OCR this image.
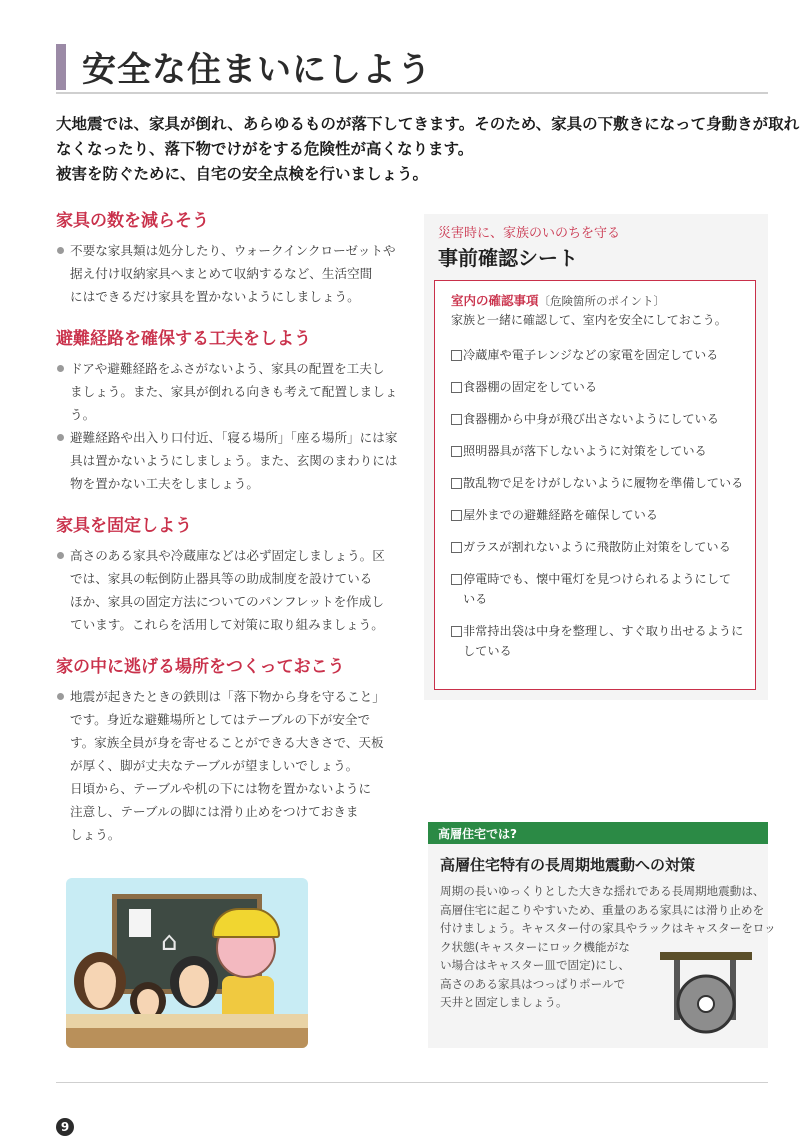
安全な住まいにしよう

大地震では、家具が倒れ、あらゆるものが落下してきます。そのため、家具の下敷きになって身動きが取れ

なくなったり、落下物でけがをする危険性が高くなります。

被害を防ぐために、自宅の安全点検を行いましょう。

家具の数を減らそう
不要な家具類は処分したり、ウォークインクローゼットや
据え付け収納家具へまとめて収納するなど、生活空間
にはできるだけ家具を置かないようにしましょう。
避難経路を確保する工夫をしよう
ドアや避難経路をふさがないよう、家具の配置を工夫し
ましょう。また、家具が倒れる向きも考えて配置しましょ
う。
避難経路や出入り口付近、「寝る場所」「座る場所」には家
具は置かないようにしましょう。また、玄関のまわりには
物を置かない工夫をしましょう。
家具を固定しよう
高さのある家具や冷蔵庫などは必ず固定しましょう。区
では、家具の転倒防止器具等の助成制度を設けている
ほか、家具の固定方法についてのパンフレットを作成し
ています。これらを活用して対策に取り組みましょう。
家の中に逃げる場所をつくっておこう
地震が起きたときの鉄則は「落下物から身を守ること」
です。身近な避難場所としてはテーブルの下が安全で
す。家族全員が身を寄せることができる大きさで、天板
が厚く、脚が丈夫なテーブルが望ましいでしょう。
日頃から、テーブルや机の下には物を置かないように
注意し、テーブルの脚には滑り止めをつけておきま
しょう。
⌂
災害時に、家族のいのちを守る
事前確認シート
室内の確認事項〔危険箇所のポイント〕
家族と一緒に確認して、室内を安全にしておこう。
冷蔵庫や電子レンジなどの家電を固定している
食器棚の固定をしている
食器棚から中身が飛び出さないようにしている
照明器具が落下しないように対策をしている
散乱物で足をけがしないように履物を準備している
屋外までの避難経路を確保している
ガラスが割れないように飛散防止対策をしている
停電時でも、懐中電灯を見つけられるようにして
いる
非常持出袋は中身を整理し、すぐ取り出せるように
している
高層住宅では?
高層住宅特有の長周期地震動への対策

周期の長いゆっくりとした大きな揺れである長周期地震動は、

高層住宅に起こりやすいため、重量のある家具には滑り止めを

付けましょう。キャスター付の家具やラックはキャスターをロッ

ク状態(キャスターにロック機能がな

い場合はキャスター皿で固定)にし、

高さのある家具はつっぱりポールで

天井と固定しましょう。

9
